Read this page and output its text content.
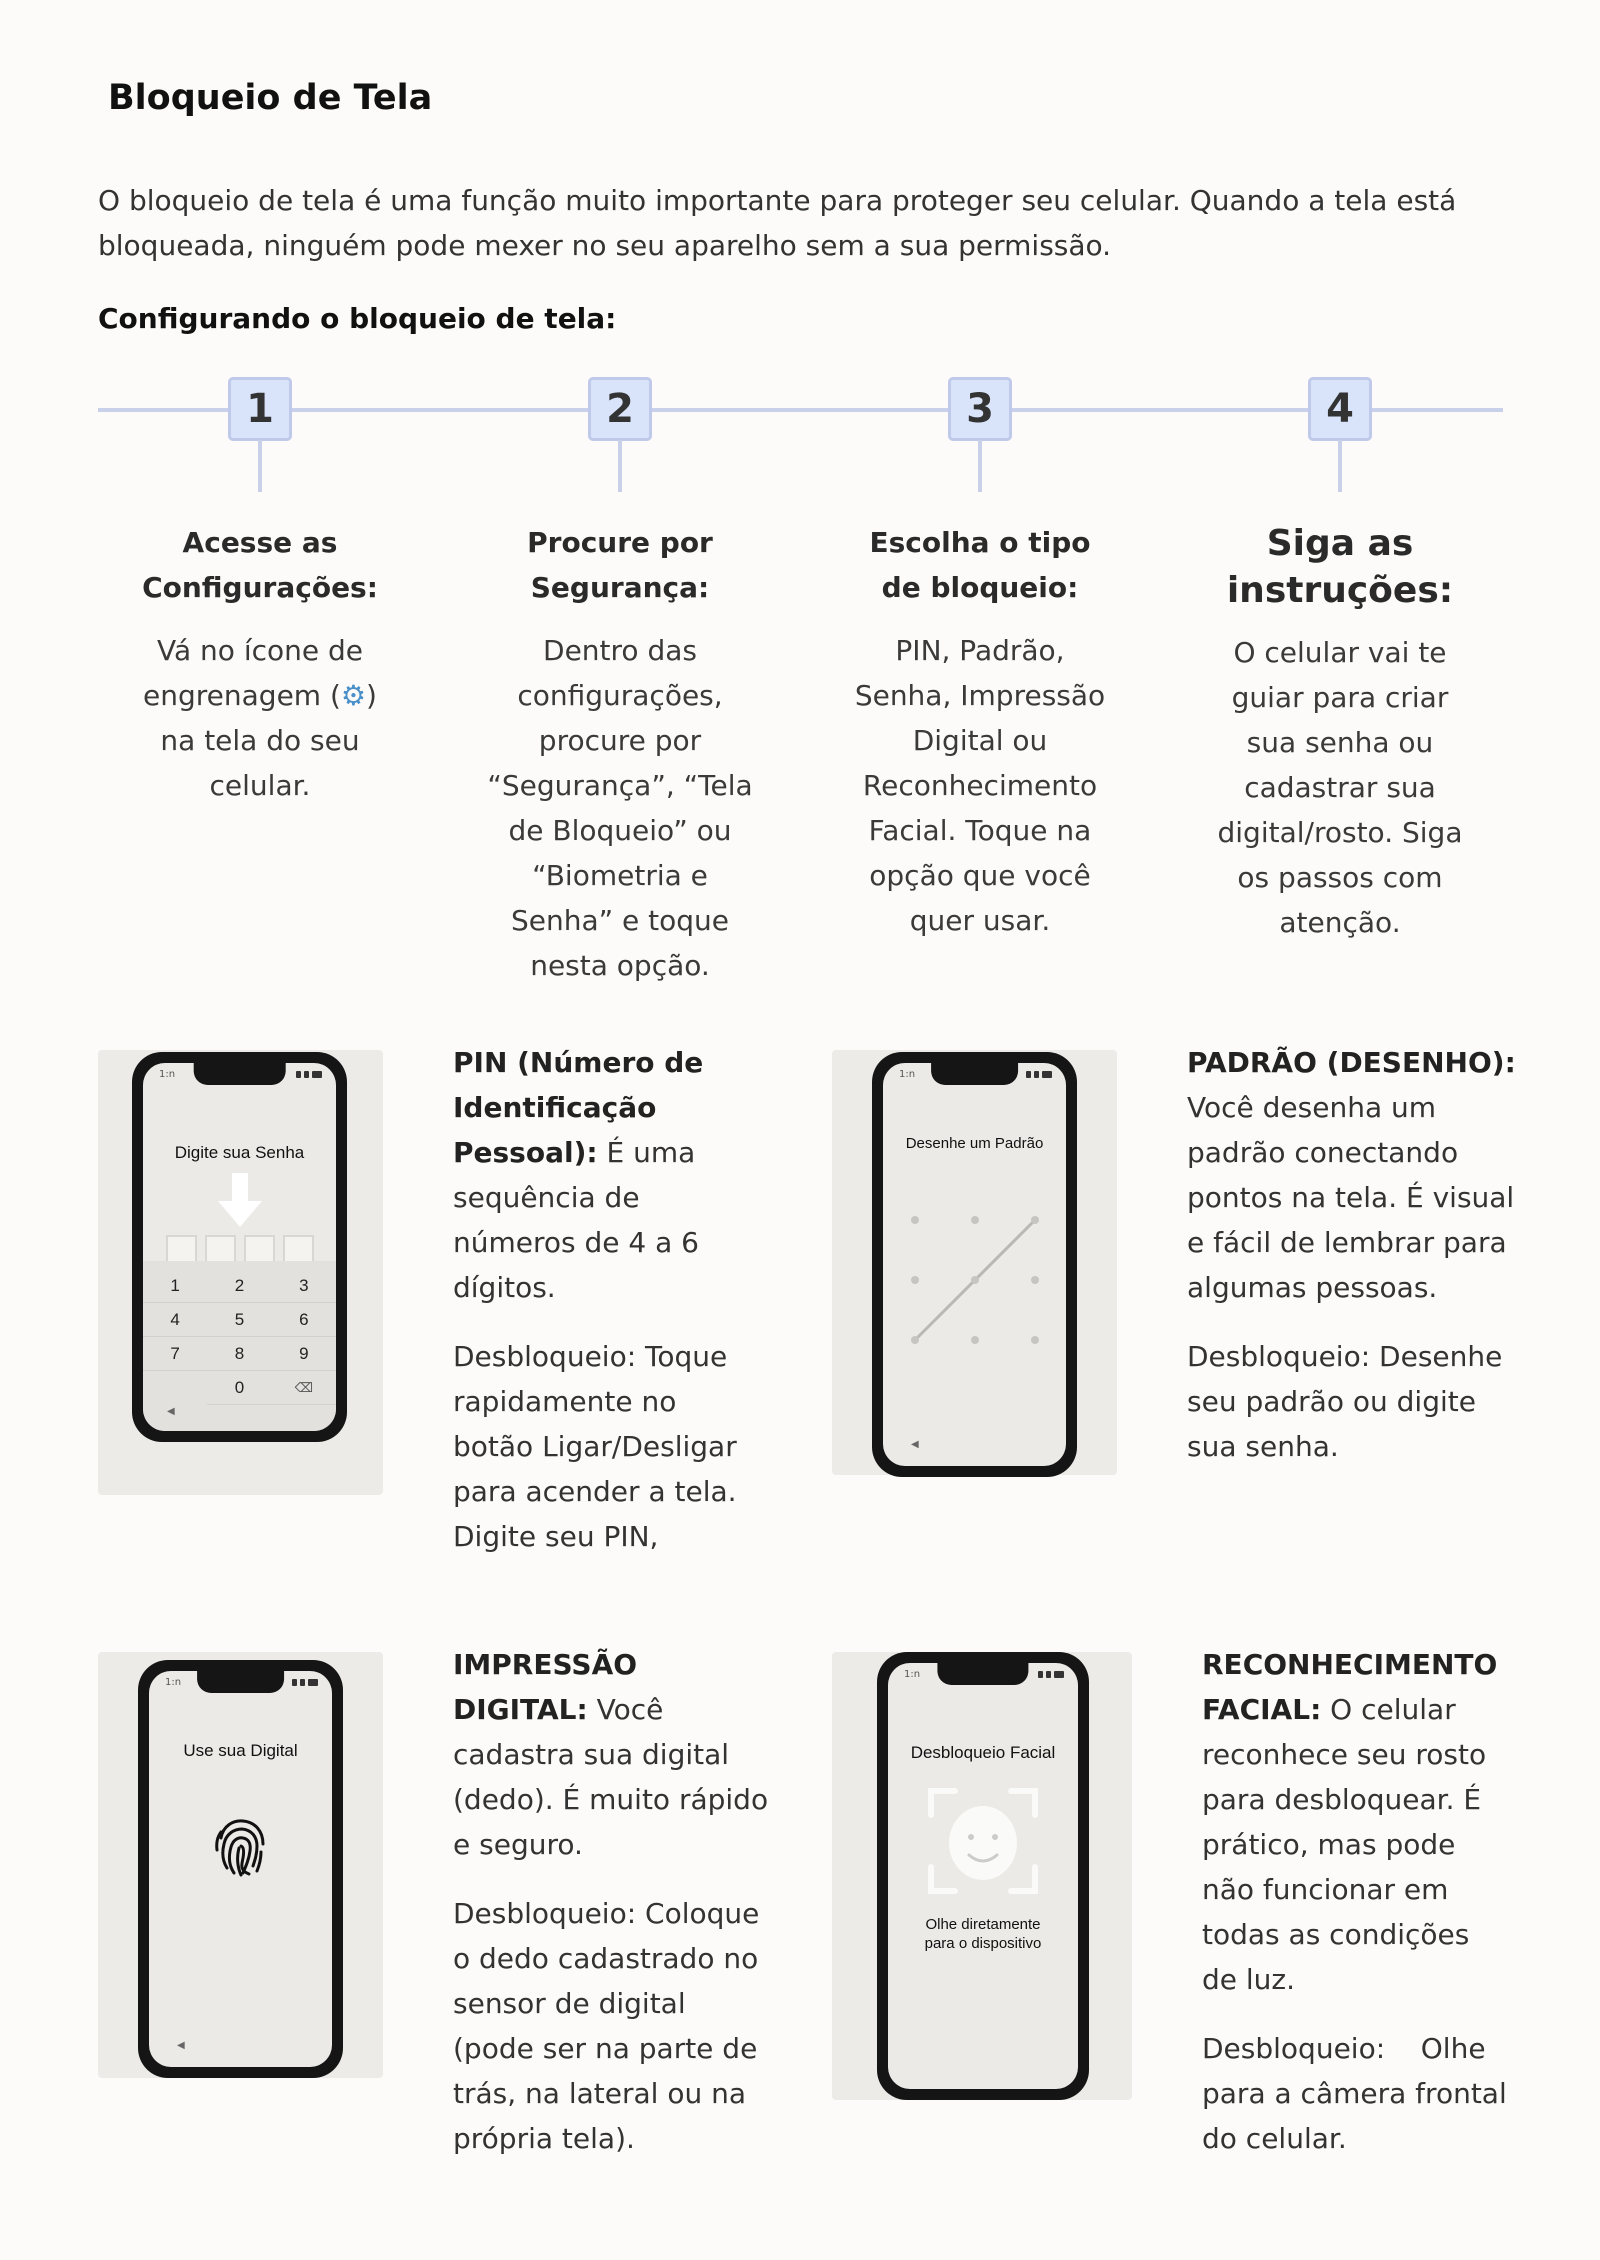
Bloqueio de Tela
O bloqueio de tela é uma função muito importante para proteger seu celular. Quando a tela está bloqueada, ninguém pode mexer no seu aparelho sem a sua permissão.
Configurando o bloqueio de tela:
1
Acesse as Configurações:
Vá no ícone de engrenagem (⚙) na tela do seu celular.
2
Procure por Segurança:
Dentro das configurações, procure por “Segurança”, “Tela de Bloqueio” ou “Biometria e Senha” e toque nesta opção.
3
Escolha o tipo de bloqueio:
PIN, Padrão, Senha, Impressão Digital ou Reconhecimento Facial. Toque na opção que você quer usar.
4
Siga as instruções:
O celular vai te guiar para criar sua senha ou cadastrar sua digital/rosto. Siga os passos com atenção.
1:n
Digite sua Senha
1	2	3
4	5	6
7	8	9
0	⌫
◀

PIN (Número de Identificação Pessoal): É uma sequência de números de 4 a 6 dígitos.

Desbloqueio: Toque rapidamente no botão Ligar/Desligar para acender a tela. Digite seu PIN,

1:n
Desenhe um Padrão
◀

PADRÃO (DESENHO): Você desenha um padrão conectando pontos na tela. É visual e fácil de lembrar para algumas pessoas.

Desbloqueio: Desenhe seu padrão ou digite sua senha.

1:n
Use sua Digital
◀

IMPRESSÃO DIGITAL: Você cadastra sua digital (dedo). É muito rápido e seguro.

Desbloqueio: Coloque o dedo cadastrado no sensor de digital (pode ser na parte de trás, na lateral ou na própria tela).

1:n
Desbloqueio Facial
Olhe diretamente
para o dispositivo

RECONHECIMENTO FACIAL: O celular reconhece seu rosto para desbloquear. É prático, mas pode não funcionar em todas as condições de luz.

Desbloqueio:    Olhe para a câmera frontal do celular.
